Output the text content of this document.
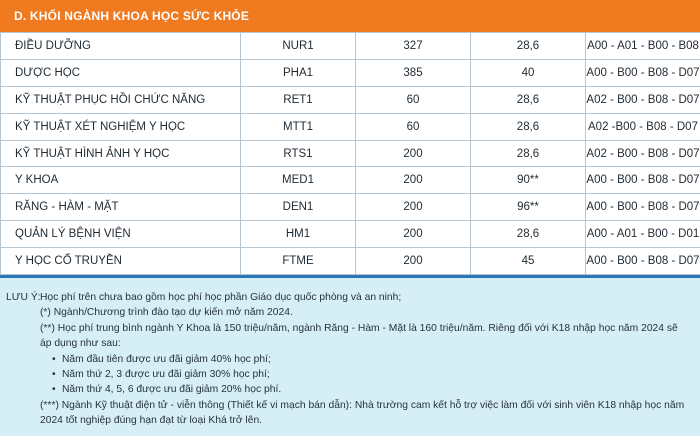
D. KHỐI NGÀNH KHOA HỌC SỨC KHỎE
ĐIỀU DƯỠNG	NUR1	327	28,6	A00 - A01 - B00 - B08
DƯỢC HỌC	PHA1	385	40	A00 - B00 - B08 - D07
KỸ THUẬT PHỤC HỒI CHỨC NĂNG	RET1	60	28,6	A02 - B00 - B08 - D07
KỸ THUẬT XÉT NGHIỆM Y HỌC	MTT1	60	28,6	A02 -B00 - B08 - D07
KỸ THUẬT HÌNH ẢNH Y HỌC	RTS1	200	28,6	A02 - B00 - B08 - D07
Y KHOA	MED1	200	90**	A00 - B00 - B08 - D07
RĂNG - HÀM - MẶT	DEN1	200	96**	A00 - B00 - B08 - D07
QUẢN LÝ BỆNH VIỆN	HM1	200	28,6	A00 - A01 - B00 - D01
Y HỌC CỔ TRUYỀN	FTME	200	45	A00 - B00 - B08 - D07
LƯU Ý: Học phí trên chưa bao gồm học phí học phần Giáo dục quốc phòng và an ninh;

(*) Ngành/Chương trình đào tạo dự kiến mở năm 2024.

(**) Học phí trung bình ngành Y Khoa là 150 triệu/năm, ngành Răng - Hàm - Mặt là 160 triệu/năm. Riêng đối với K18 nhập học năm 2024 sẽ áp dụng như sau:

• Năm đầu tiên được ưu đãi giảm 40% học phí;
• Năm thứ 2, 3 được ưu đãi giảm 30% học phí;
• Năm thứ 4, 5, 6 được ưu đãi giảm 20% học phí.

(***) Ngành Kỹ thuật điện tử - viễn thông (Thiết kế vi mạch bán dẫn): Nhà trường cam kết hỗ trợ việc làm đối với sinh viên K18 nhập học năm 2024 tốt nghiệp đúng hạn đạt từ loại Khá trở lên.
